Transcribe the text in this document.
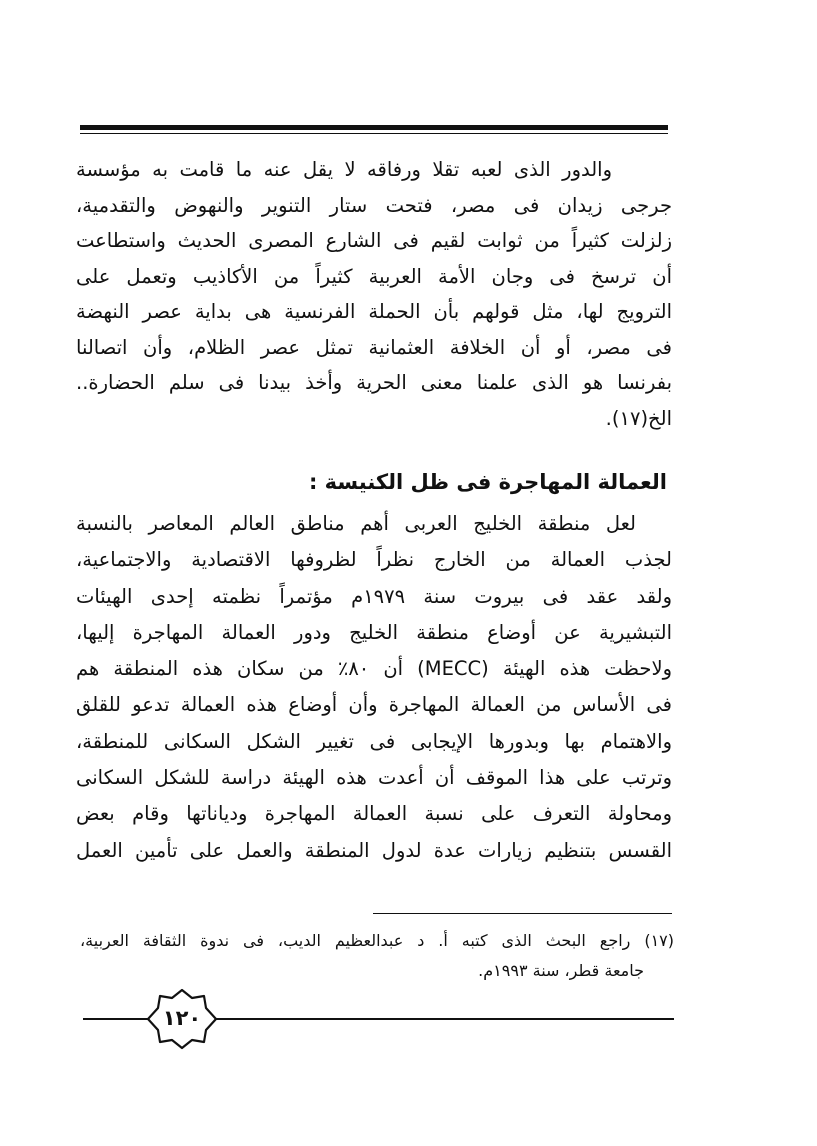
والدور الذى لعبه تقلا ورفاقه لا يقل عنه ما قامت به مؤسسة
جرجى زيدان فى مصر، فتحت ستار التنوير والنهوض والتقدمية،
زلزلت كثيراً من ثوابت لقيم فى الشارع المصرى الحديث واستطاعت
أن ترسخ فى وجان الأمة العربية كثيراً من الأكاذيب وتعمل على
الترويج لها، مثل قولهم بأن الحملة الفرنسية هى بداية عصر النهضة
فى مصر، أو أن الخلافة العثمانية تمثل عصر الظلام، وأن اتصالنا
بفرنسا هو الذى علمنا معنى الحرية وأخذ بيدنا فى سلم الحضارة..
الخ(١٧).
العمالة المهاجرة فى ظل الكنيسة :
لعل منطقة الخليج العربى أهم مناطق العالم المعاصر بالنسبة
لجذب العمالة من الخارج نظراً لظروفها الاقتصادية والاجتماعية،
ولقد عقد فى بيروت سنة ١٩٧٩م مؤتمراً نظمته إحدى الهيئات
التبشيرية عن أوضاع منطقة الخليج ودور العمالة المهاجرة إليها،
ولاحظت هذه الهيئة (MECC) أن ٨٠٪ من سكان هذه المنطقة هم
فى الأساس من العمالة المهاجرة وأن أوضاع هذه العمالة تدعو للقلق
والاهتمام بها وبدورها الإيجابى فى تغيير الشكل السكانى للمنطقة،
وترتب على هذا الموقف أن أعدت هذه الهيئة دراسة للشكل السكانى
ومحاولة التعرف على نسبة العمالة المهاجرة ودياناتها وقام بعض
القسس بتنظيم زيارات عدة لدول المنطقة والعمل على تأمين العمل
(١٧) راجع البحث الذى كتبه أ. د عبدالعظيم الديب، فى ندوة الثقافة العربية،
جامعة قطر، سنة ١٩٩٣م.
١٢٠
